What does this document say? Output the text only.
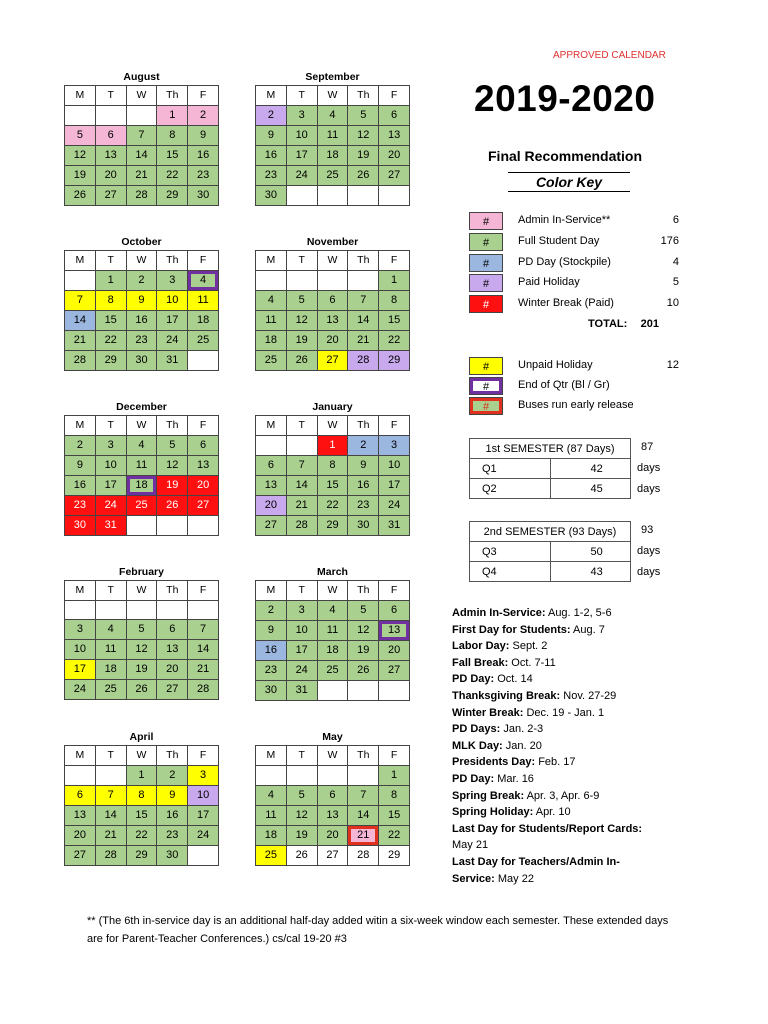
APPROVED CALENDAR
2019-2020
Final Recommendation
Color Key
August
M	T	W	Th	F
			1	2
5	6	7	8	9
12	13	14	15	16
19	20	21	22	23
26	27	28	29	30
September
M	T	W	Th	F
2	3	4	5	6
9	10	11	12	13
16	17	18	19	20
23	24	25	26	27
30				
October
M	T	W	Th	F
	1	2	3	4
7	8	9	10	11
14	15	16	17	18
21	22	23	24	25
28	29	30	31	
November
M	T	W	Th	F
				1
4	5	6	7	8
11	12	13	14	15
18	19	20	21	22
25	26	27	28	29
December
M	T	W	Th	F
2	3	4	5	6
9	10	11	12	13
16	17	18	19	20
23	24	25	26	27
30	31			
January
M	T	W	Th	F
		1	2	3
6	7	8	9	10
13	14	15	16	17
20	21	22	23	24
27	28	29	30	31
February
M	T	W	Th	F

3	4	5	6	7
10	11	12	13	14
17	18	19	20	21
24	25	26	27	28
March
M	T	W	Th	F
2	3	4	5	6
9	10	11	12	13
16	17	18	19	20
23	24	25	26	27
30	31			
April
M	T	W	Th	F
		1	2	3
6	7	8	9	10
13	14	15	16	17
20	21	22	23	24
27	28	29	30	
May
M	T	W	Th	F
				1
4	5	6	7	8
11	12	13	14	15
18	19	20	21	22
25	26	27	28	29
#	Admin In-Service**	6
#	Full Student Day	176
#	PD Day (Stockpile)	4
#	Paid Holiday	5
#	Winter Break (Paid)	10
TOTAL:	201
#	Unpaid Holiday	12
#	End of Qtr (Bl / Gr)
#	Buses run early release
1st SEMESTER (87 Days)	
Q1	42
Q2	45
87
days
days
2nd SEMESTER (93 Days)	
Q3	50
Q4	43
93
days
days
Admin In-Service: Aug. 1-2, 5-6
First Day for Students: Aug. 7
Labor Day: Sept. 2
Fall Break: Oct. 7-11
PD Day: Oct. 14
Thanksgiving Break: Nov. 27-29
Winter Break: Dec. 19 - Jan. 1
PD Days: Jan. 2-3
MLK Day: Jan. 20
Presidents Day: Feb. 17
PD Day: Mar. 16
Spring Break: Apr. 3, Apr. 6-9
Spring Holiday: Apr. 10
Last Day for Students/Report Cards:
May 21
Last Day for Teachers/Admin In-
Service: May 22
** (The 6th in-service day is an additional half-day added witin a six-week window each semester. These extended days are for Parent-Teacher Conferences.) cs/cal 19-20 #3
